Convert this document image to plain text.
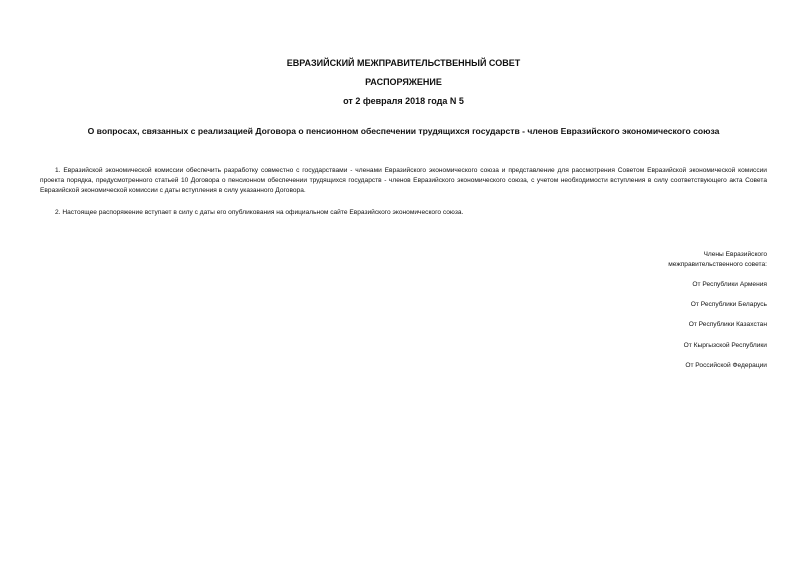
ЕВРАЗИЙСКИЙ МЕЖПРАВИТЕЛЬСТВЕННЫЙ СОВЕТ
РАСПОРЯЖЕНИЕ
от 2 февраля 2018 года N 5
О вопросах, связанных с реализацией Договора о пенсионном обеспечении трудящихся государств - членов Евразийского экономического союза

1. Евразийской экономической комиссии обеспечить разработку совместно с государствами - членами Евразийского экономического союза и представление для рассмотрения Советом Евразийской экономической комиссии проекта порядка, предусмотренного статьей 10 Договора о пенсионном обеспечении трудящихся государств - членов Евразийского экономического союза, с учетом необходимости вступления в силу соответствующего акта Совета Евразийской экономической комиссии с даты вступления в силу указанного Договора.

2. Настоящее распоряжение вступает в силу с даты его опубликования на официальном сайте Евразийского экономического союза.

Члены Евразийского
межправительственного совета:
От Республики Армения
От Республики Беларусь
От Республики Казахстан
От Кыргызской Республики
От Российской Федерации
